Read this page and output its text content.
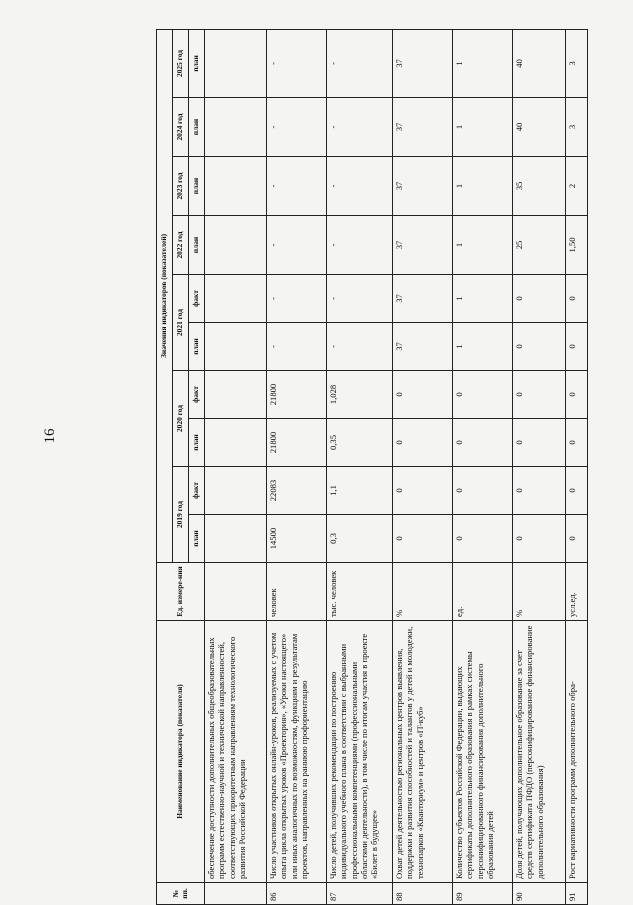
16
№ пп.	Наименование индикатора (показателя)	Ед. измере-ния	Значения индикаторов (показателей)									
			2019 год		2020 год		2021 год		2022 год	2023 год	2024 год	2025 год
			план	факт	план	факт	план	факт	план	план	план	план
	обеспечение доступности дополнительных общеобразовательных программ естественно-научной и технической направленностей, соответствующих приоритетным направлениям технологического развития Российской Федерации											
86	Число участников открытых онлайн-уроков, реализуемых с учетом опыта цикла открытых уроков «Проектория», «Уроки настоящего» или иных аналогичных по возможностям, функциям и результатам проектов, направленных на раннюю профориентацию	человек	14500	22083	21800	21800	-	-	-	-	-	-
87	Число детей, получивших рекомендации по построению индивидуального учебного плана в соответствии с выбранными профессиональными компетенциями (профессиональными областями деятельности), в том числе по итогам участия в проекте «Билет в будущее»	тыс. человек	0,3	1,1	0,35	1,028	-	-	-	-	-	-
88	Охват детей деятельностью региональных центров выявления, поддержки и развития способностей и талантов у детей и молодежи, технопарков «Кванториум» и центров «IT-куб»	%	0	0	0	0	37	37	37	37	37	37
89	Количество субъектов Российской Федерации, выдающих сертификаты дополнительного образования в рамках системы персонифицированного финансирования дополнительного образования детей	ед.	0	0	0	0	1	1	1	1	1	1
90	Доля детей, получающих дополнительное образование за счет средств сертификата ПФДО (персонифицированное финансирование дополнительного образования)	%	0	0	0	0	0	0	25	35	40	40
91	Рост вариативности программ дополнительного обра-	усл.ед.	0	0	0	0	0	0	1,50	2	3	3
